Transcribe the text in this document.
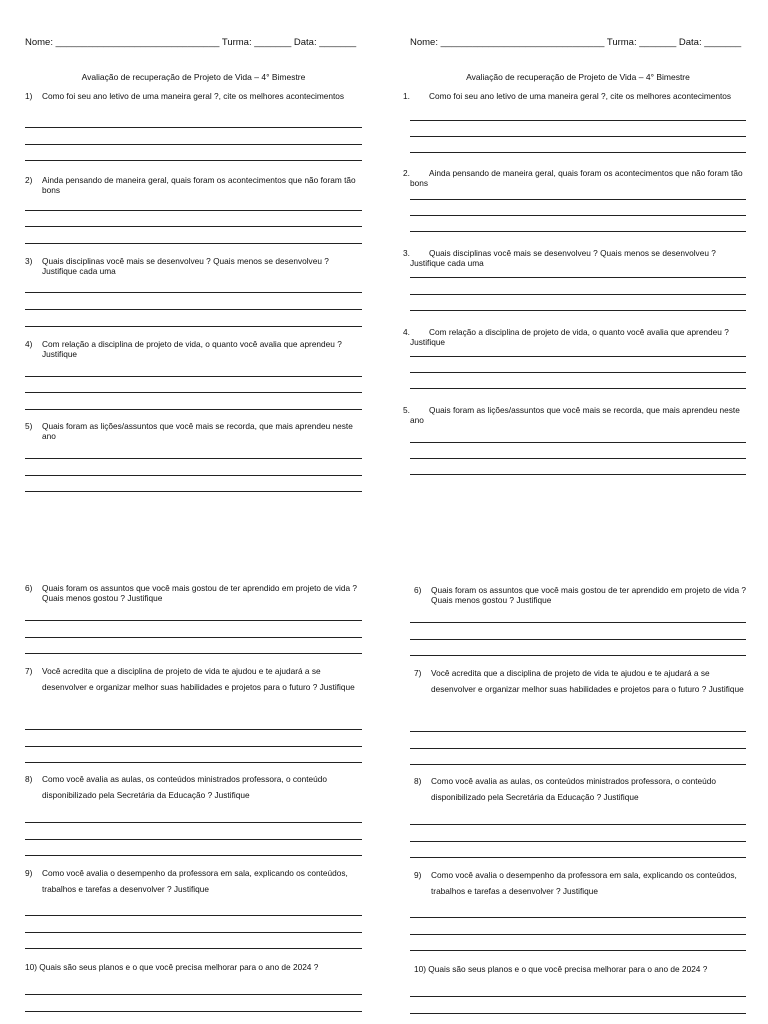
Nome: _______________________________ Turma: _______ Data: _______
Avaliação de recuperação de Projeto de Vida – 4° Bimestre
1)	Como foi seu ano letivo de uma maneira geral ?, cite os melhores acontecimentos
2)	Ainda pensando de maneira geral, quais foram os acontecimentos que não foram tão bons
3)	Quais disciplinas você mais se desenvolveu ? Quais menos se desenvolveu ? Justifique cada uma
4)	Com relação a disciplina de projeto de vida, o quanto você avalia que aprendeu ? Justifique
5)	Quais foram as lições/assuntos que você mais se recorda, que mais aprendeu neste ano
6)	Quais foram os assuntos que você mais gostou de ter aprendido em projeto de vida ? Quais menos gostou ? Justifique
7)	Você acredita que a disciplina de projeto de vida te ajudou e te ajudará a se desenvolver e organizar melhor suas habilidades e projetos para o futuro ? Justifique
8)	Como você avalia as aulas, os conteúdos ministrados professora, o conteúdo disponibilizado pela Secretária da Educação ? Justifique
9)	Como você avalia o desempenho da professora em sala, explicando os conteúdos, trabalhos e tarefas a desenvolver ? Justifique
10) Quais são seus planos e o que você precisa melhorar para o ano de 2024 ?
Nome: _______________________________ Turma: _______ Data: _______
Avaliação de recuperação de Projeto de Vida – 4° Bimestre
1.	Como foi seu ano letivo de uma maneira geral ?, cite os melhores acontecimentos
2.	Ainda pensando de maneira geral, quais foram os acontecimentos que não foram tão bons
3.	Quais disciplinas você mais se desenvolveu ? Quais menos se desenvolveu ? Justifique cada uma
4.	Com relação a disciplina de projeto de vida, o quanto você avalia que aprendeu ? Justifique
5.	Quais foram as lições/assuntos que você mais se recorda, que mais aprendeu neste ano
6)	Quais foram os assuntos que você mais gostou de ter aprendido em projeto de vida ? Quais menos gostou ? Justifique
7)	Você acredita que a disciplina de projeto de vida te ajudou e te ajudará a se desenvolver e organizar melhor suas habilidades e projetos para o futuro ? Justifique
8)	Como você avalia as aulas, os conteúdos ministrados professora, o conteúdo disponibilizado pela Secretária da Educação ? Justifique
9)	Como você avalia o desempenho da professora em sala, explicando os conteúdos, trabalhos e tarefas a desenvolver ? Justifique
10) Quais são seus planos e o que você precisa melhorar para o ano de 2024 ?
